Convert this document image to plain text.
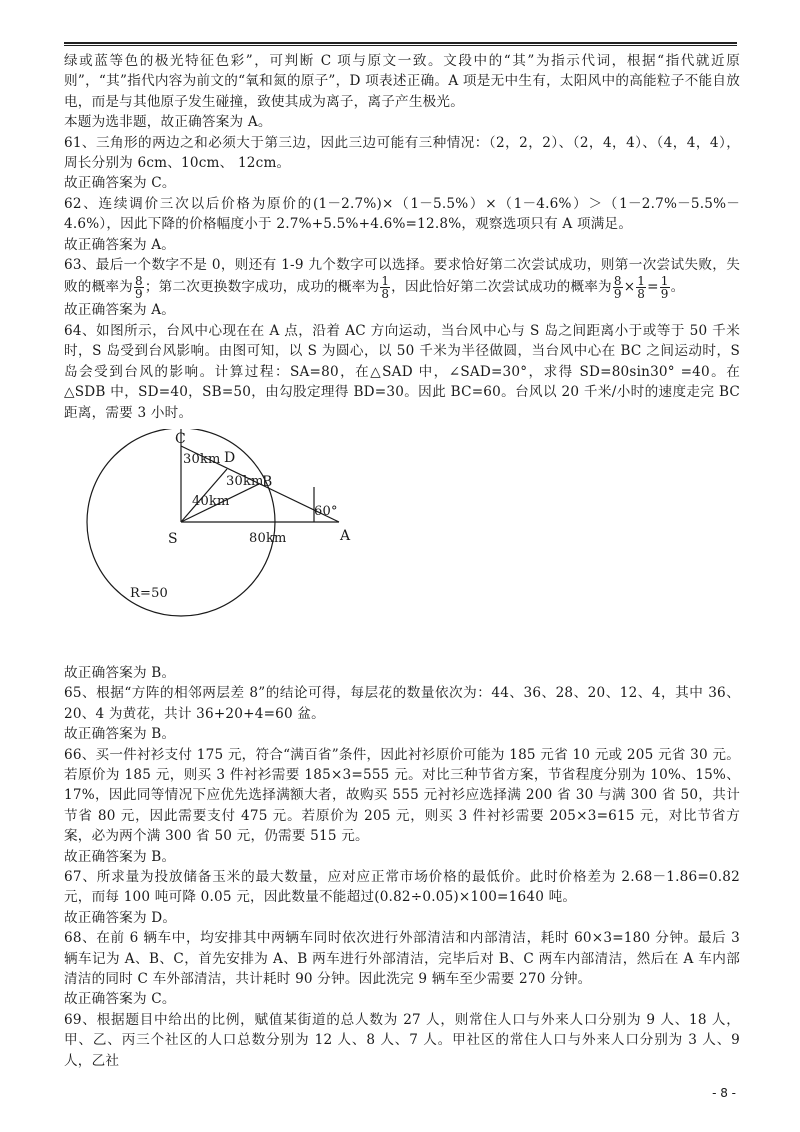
绿或蓝等色的极光特征色彩”，可判断 C 项与原文一致。文段中的“其”为指示代词，根据“指代就近原则”，“其”指代内容为前文的“氧和氮的原子”，D 项表述正确。A 项是无中生有，太阳风中的高能粒子不能自放电，而是与其他原子发生碰撞，致使其成为离子，离子产生极光。

本题为选非题，故正确答案为 A。

61、三角形的两边之和必须大于第三边，因此三边可能有三种情况：（2，2，2）、（2，4，4）、（4，4，4），周长分别为 6cm、10cm、 12cm。

故正确答案为 C。

62、连续调价三次以后价格为原价的(1－2.7%)×（1－5.5%）×（1－4.6%）＞（1－2.7%－5.5%－4.6%），因此下降的价格幅度小于 2.7%+5.5%+4.6%=12.8%，观察选项只有 A 项满足。

故正确答案为 A。

63、最后一个数字不是 0，则还有 1-9 九个数字可以选择。要求恰好第二次尝试成功，则第一次尝试失败，失败的概率为 $\frac{8}{9}$ ；第二次更换数字成功，成功的概率为 $\frac{1}{8}$ ，因此恰好第二次尝试成功的概率为 $\frac{8}{9} \times \frac{1}{8} = \frac{1}{9}$ 。

故正确答案为 A。

64、如图所示，台风中心现在在 A 点，沿着 AC 方向运动，当台风中心与 S 岛之间距离小于或等于 50 千米时，S 岛受到台风影响。由图可知，以 S 为圆心，以 50 千米为半径做圆，当台风中心在 BC 之间运动时，S 岛会受到台风的影响。计算过程：SA=80，在△SAD 中，∠SAD=30°，求得 SD=80sin30° =40。在△SDB 中，SD=40，SB=50，由勾股定理得 BD=30。因此 BC=60。台风以 20 千米/小时的速度走完 BC 距离，需要 3 小时。

C
D
B
S	A
30km
30km
40km
80km
60°
R=50

故正确答案为 B。

65、根据“方阵的相邻两层差 8”的结论可得，每层花的数量依次为：44、36、28、20、12、4，其中 36、20、4 为黄花，共计 36+20+4=60 盆。

故正确答案为 B。

66、买一件衬衫支付 175 元，符合“满百省”条件，因此衬衫原价可能为 185 元省 10 元或 205 元省 30 元。若原价为 185 元，则买 3 件衬衫需要 185×3=555 元。对比三种节省方案，节省程度分别为 10%、15%、17%，因此同等情况下应优先选择满额大者，故购买 555 元衬衫应选择满 200 省 30 与满 300 省 50，共计节省 80 元，因此需要支付 475 元。若原价为 205 元，则买 3 件衬衫需要 205×3=615 元，对比节省方案，必为两个满 300 省 50 元，仍需要 515 元。

故正确答案为 B。

67、所求量为投放储备玉米的最大数量，应对应正常市场价格的最低价。此时价格差为 2.68－1.86=0.82 元，而每 100 吨可降 0.05 元，因此数量不能超过(0.82÷0.05)×100=1640 吨。

故正确答案为 D。

68、在前 6 辆车中，均安排其中两辆车同时依次进行外部清洁和内部清洁，耗时 60×3=180 分钟。最后 3 辆车记为 A、B、C，首先安排为 A、B 两车进行外部清洁，完毕后对 B、C 两车内部清洁，然后在 A 车内部清洁的同时 C 车外部清洁，共计耗时 90 分钟。因此洗完 9 辆车至少需要 270 分钟。

故正确答案为 C。

69、根据题目中给出的比例，赋值某街道的总人数为 27 人，则常住人口与外来人口分别为 9 人、18 人，甲、乙、丙三个社区的人口总数分别为 12 人、8 人、7 人。甲社区的常住人口与外来人口分别为 3 人、9 人，乙社

- 8 -
